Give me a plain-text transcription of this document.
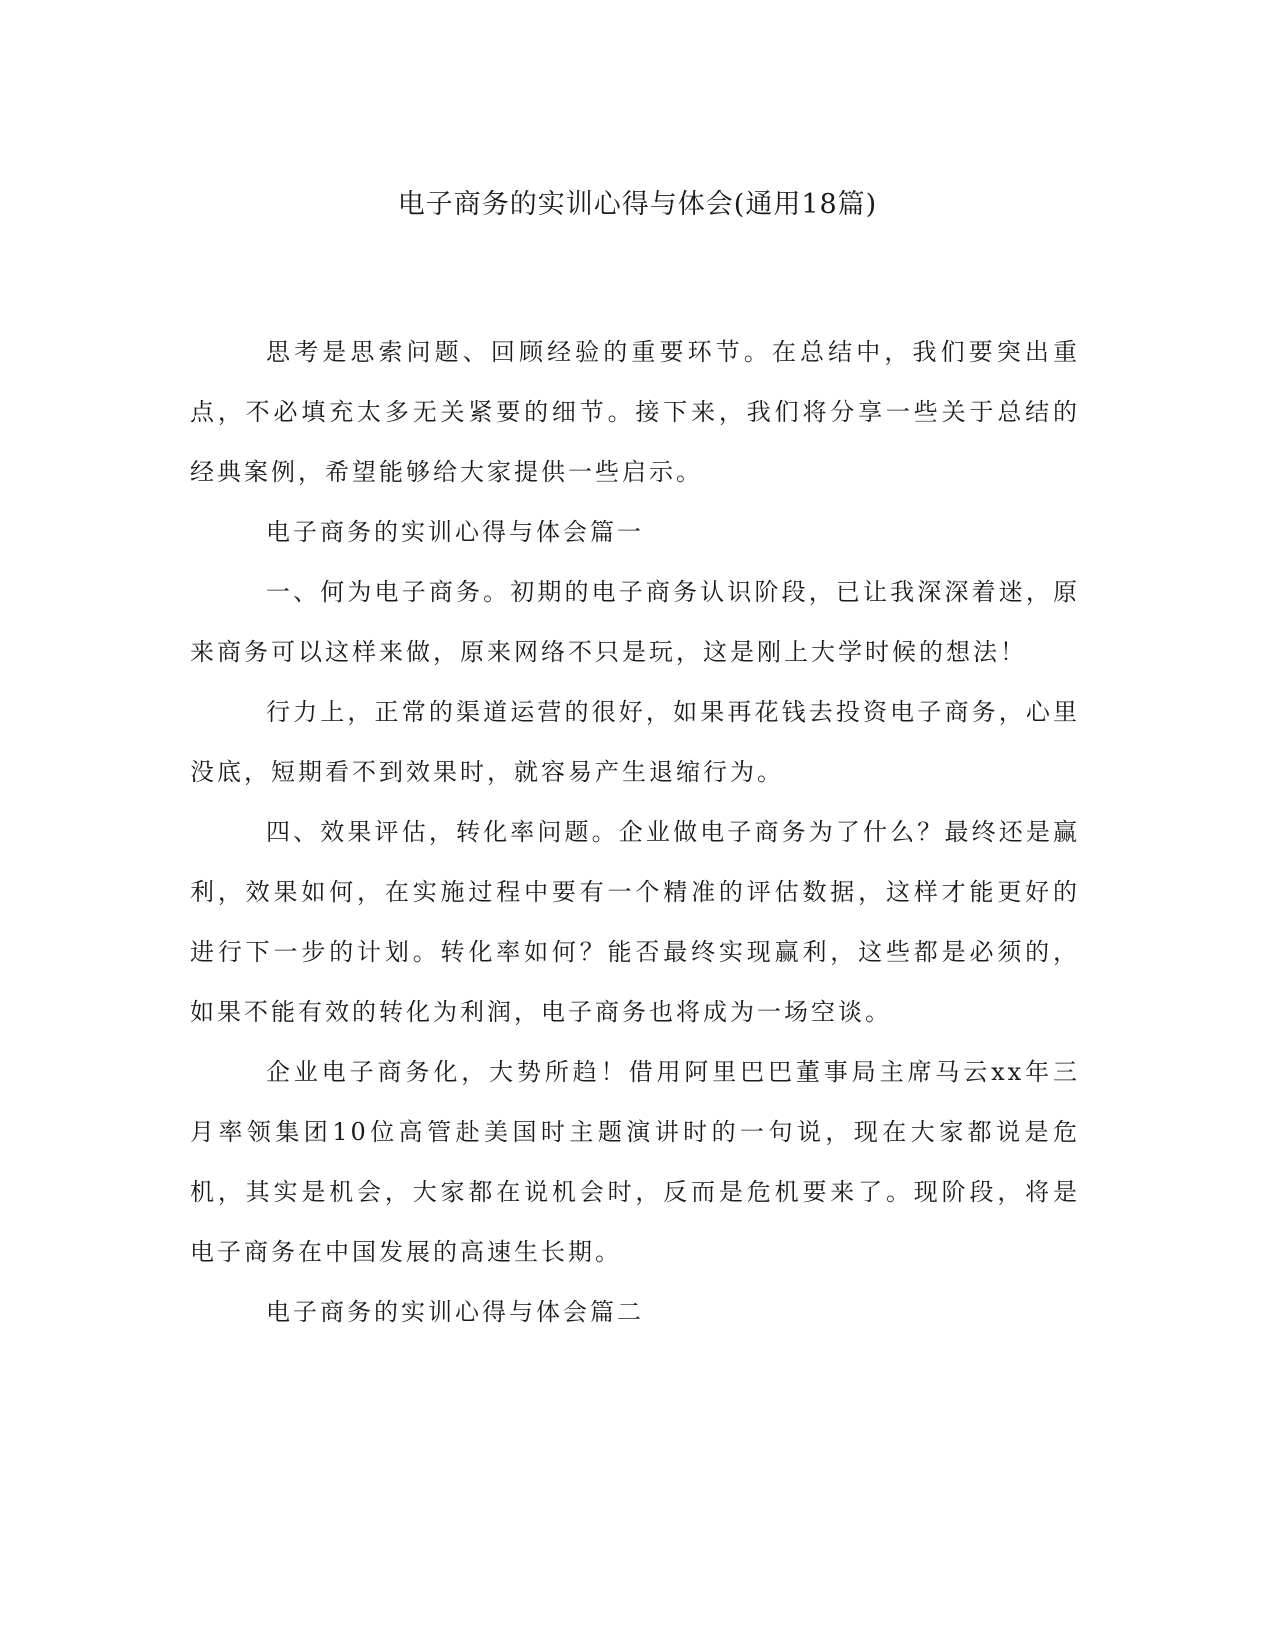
电子商务的实训心得与体会(通用18篇)

思考是思索问题、回顾经验的重要环节。在总结中，我们要突出重点，不必填充太多无关紧要的细节。接下来，我们将分享一些关于总结的经典案例，希望能够给大家提供一些启示。

电子商务的实训心得与体会篇一

一、何为电子商务。初期的电子商务认识阶段，已让我深深着迷，原来商务可以这样来做，原来网络不只是玩，这是刚上大学时候的想法！

行力上，正常的渠道运营的很好，如果再花钱去投资电子商务，心里没底，短期看不到效果时，就容易产生退缩行为。

四、效果评估，转化率问题。企业做电子商务为了什么？最终还是赢利，效果如何，在实施过程中要有一个精准的评估数据，这样才能更好的进行下一步的计划。转化率如何？能否最终实现赢利，这些都是必须的，如果不能有效的转化为利润，电子商务也将成为一场空谈。

企业电子商务化，大势所趋！借用阿里巴巴董事局主席马云xx年三月率领集团10位高管赴美国时主题演讲时的一句说，现在大家都说是危机，其实是机会，大家都在说机会时，反而是危机要来了。现阶段，将是电子商务在中国发展的高速生长期。

电子商务的实训心得与体会篇二
